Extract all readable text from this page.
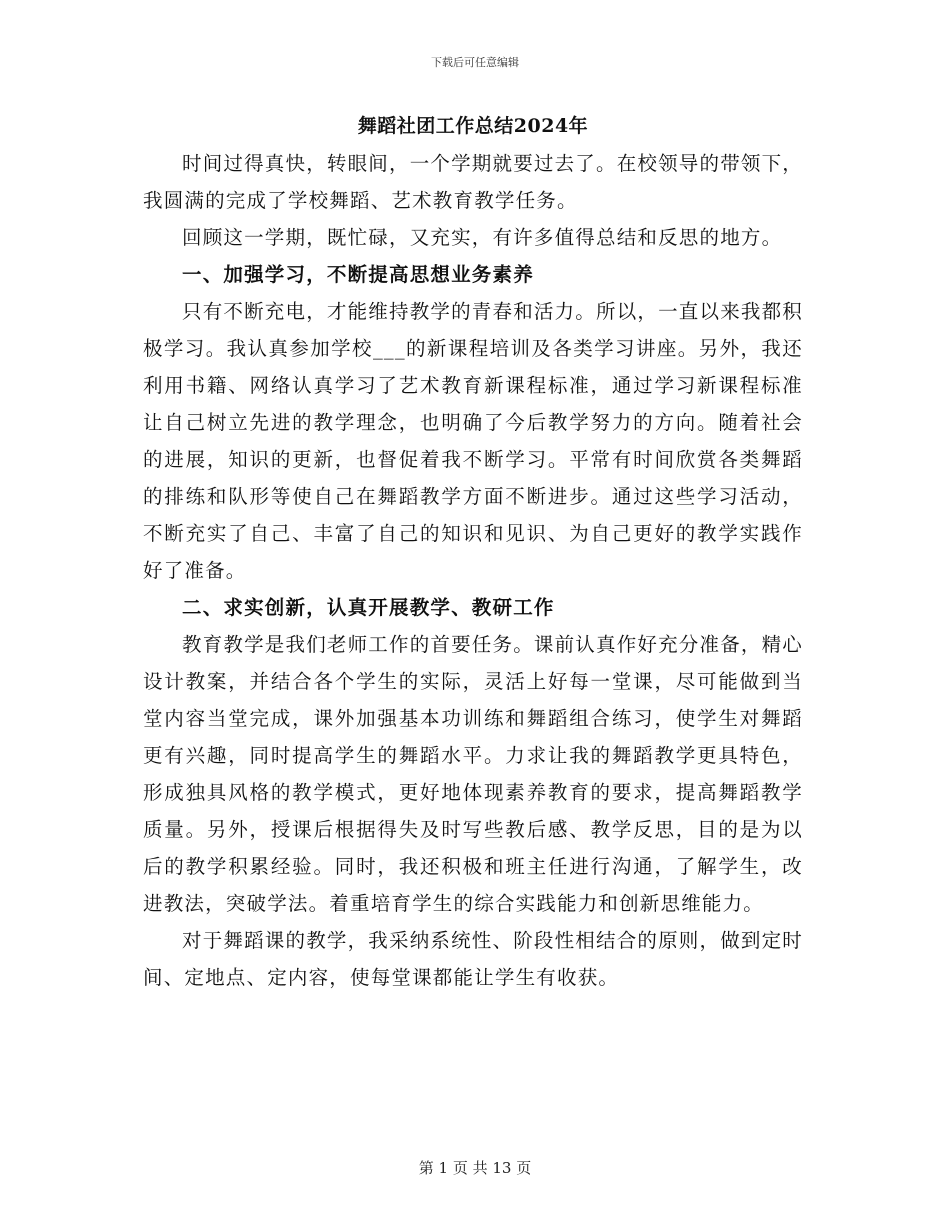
下载后可任意编辑

舞蹈社团工作总结2024年

时间过得真快，转眼间，一个学期就要过去了。在校领导的带领下，我圆满的完成了学校舞蹈、艺术教育教学任务。

回顾这一学期，既忙碌，又充实，有许多值得总结和反思的地方。

一、加强学习，不断提高思想业务素养

只有不断充电，才能维持教学的青春和活力。所以，一直以来我都积极学习。我认真参加学校___的新课程培训及各类学习讲座。另外，我还利用书籍、网络认真学习了艺术教育新课程标准，通过学习新课程标准让自己树立先进的教学理念，也明确了今后教学努力的方向。随着社会的进展，知识的更新，也督促着我不断学习。平常有时间欣赏各类舞蹈的排练和队形等使自己在舞蹈教学方面不断进步。通过这些学习活动，不断充实了自己、丰富了自己的知识和见识、为自己更好的教学实践作好了准备。

二、求实创新，认真开展教学、教研工作

教育教学是我们老师工作的首要任务。课前认真作好充分准备，精心设计教案，并结合各个学生的实际，灵活上好每一堂课，尽可能做到当堂内容当堂完成，课外加强基本功训练和舞蹈组合练习，使学生对舞蹈更有兴趣，同时提高学生的舞蹈水平。力求让我的舞蹈教学更具特色，形成独具风格的教学模式，更好地体现素养教育的要求，提高舞蹈教学质量。另外，授课后根据得失及时写些教后感、教学反思，目的是为以后的教学积累经验。同时，我还积极和班主任进行沟通，了解学生，改进教法，突破学法。着重培育学生的综合实践能力和创新思维能力。

对于舞蹈课的教学，我采纳系统性、阶段性相结合的原则，做到定时间、定地点、定内容，使每堂课都能让学生有收获。

第 1 页 共 13 页
